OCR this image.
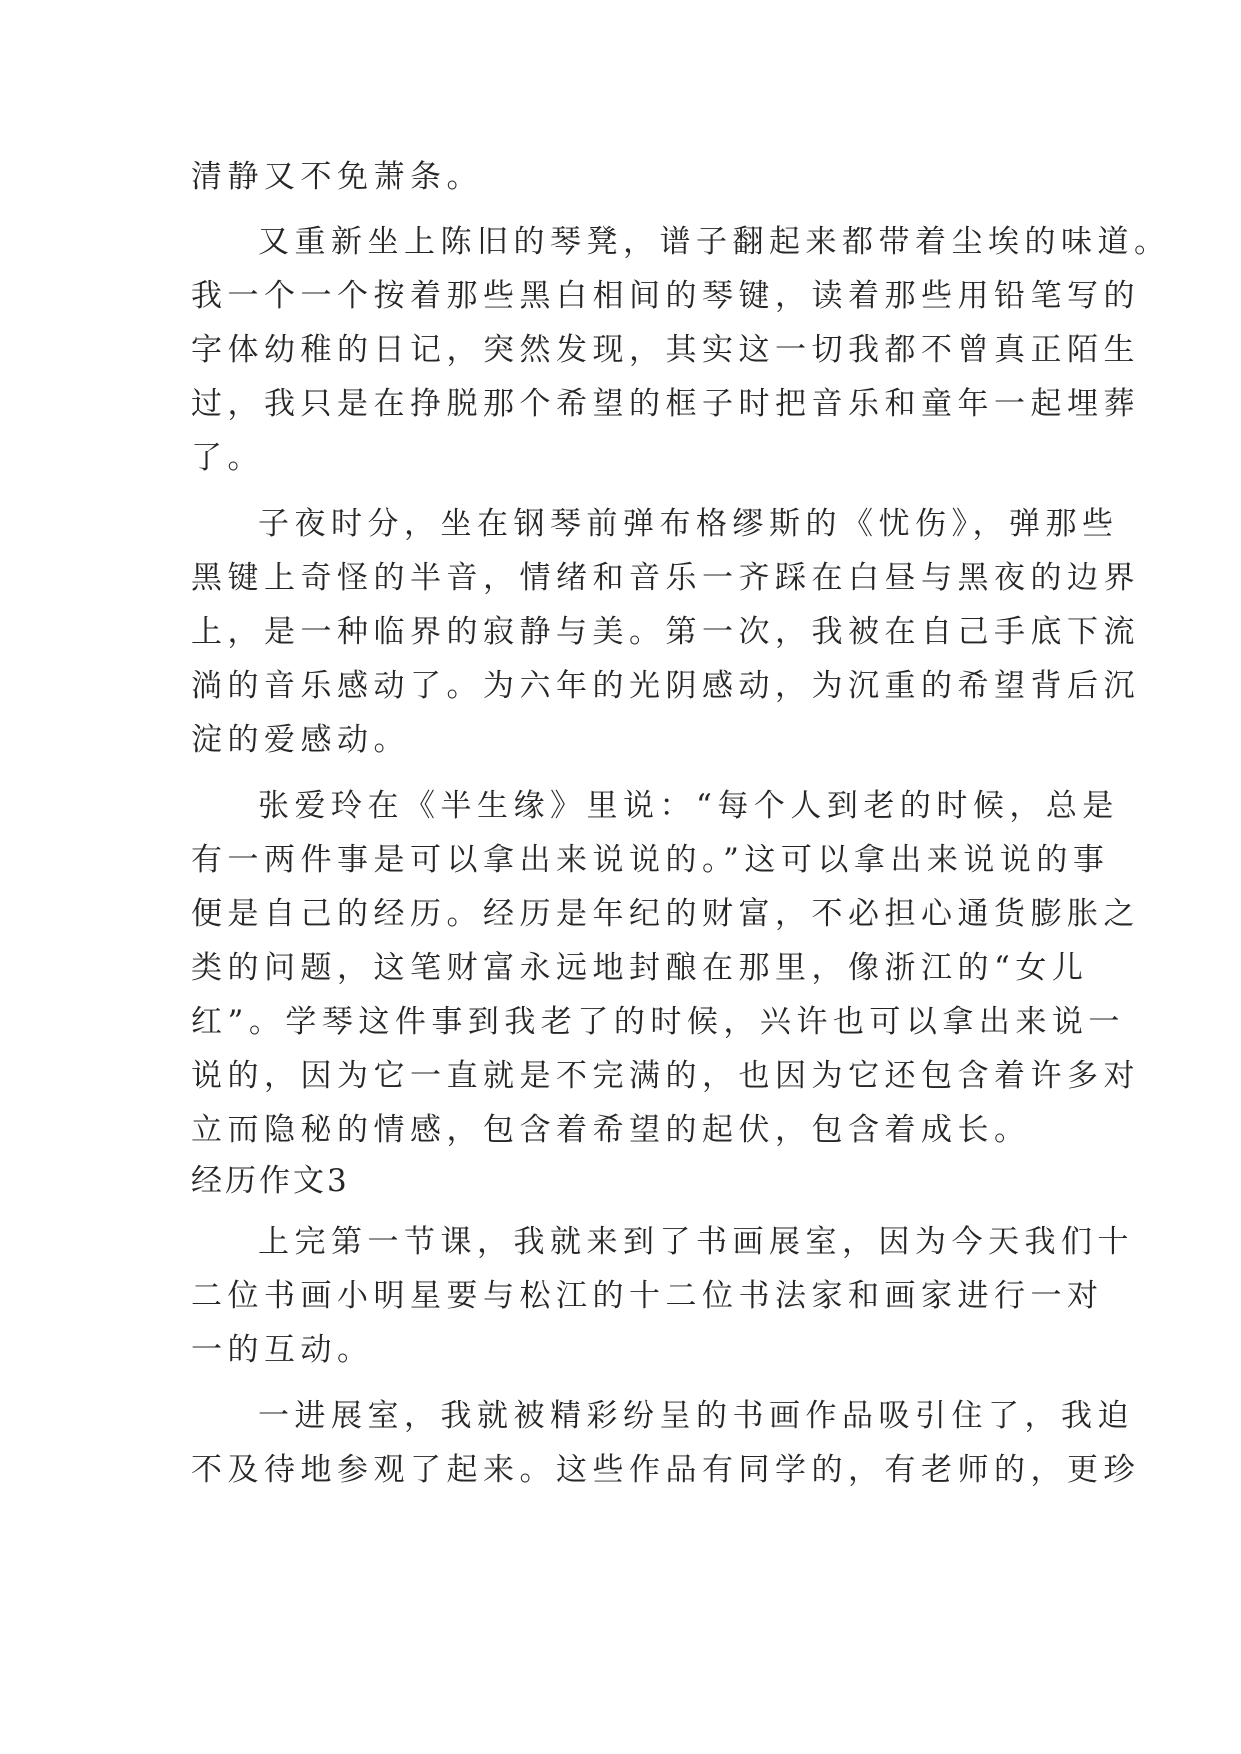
清静又不免萧条。

又重新坐上陈旧的琴凳，谱子翻起来都带着尘埃的味道。

我一个一个按着那些黑白相间的琴键，读着那些用铅笔写的

字体幼稚的日记，突然发现，其实这一切我都不曾真正陌生

过，我只是在挣脱那个希望的框子时把音乐和童年一起埋葬

了。

子夜时分，坐在钢琴前弹布格缪斯的《忧伤》，弹那些

黑键上奇怪的半音，情绪和音乐一齐踩在白昼与黑夜的边界

上，是一种临界的寂静与美。第一次，我被在自己手底下流

淌的音乐感动了。为六年的光阴感动，为沉重的希望背后沉

淀的爱感动。

张爱玲在《半生缘》里说：“每个人到老的时候，总是

有一两件事是可以拿出来说说的。”这可以拿出来说说的事

便是自己的经历。经历是年纪的财富，不必担心通货膨胀之

类的问题，这笔财富永远地封酿在那里，像浙江的“女儿

红”。学琴这件事到我老了的时候，兴许也可以拿出来说一

说的，因为它一直就是不完满的，也因为它还包含着许多对

立而隐秘的情感，包含着希望的起伏，包含着成长。

经历作文3

上完第一节课，我就来到了书画展室，因为今天我们十

二位书画小明星要与松江的十二位书法家和画家进行一对

一的互动。

一进展室，我就被精彩纷呈的书画作品吸引住了，我迫

不及待地参观了起来。这些作品有同学的，有老师的，更珍
